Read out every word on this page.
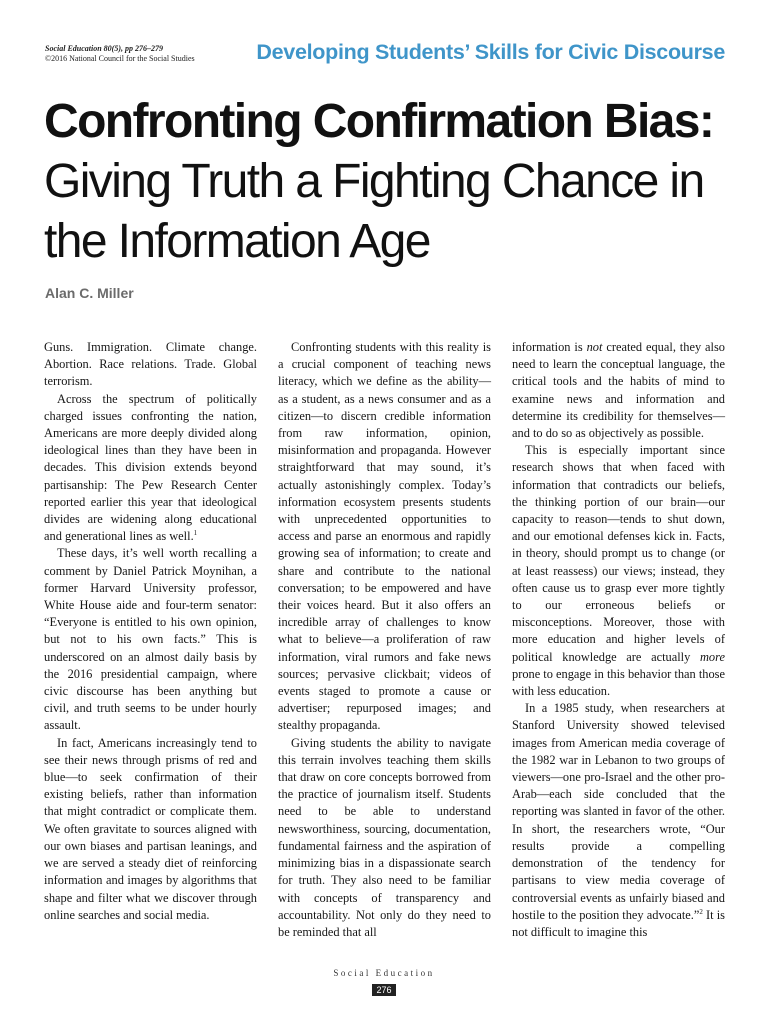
Social Education 80(5), pp 276–279
©2016 National Council for the Social Studies	Developing Students’ Skills for Civic Discourse
Confronting Confirmation Bias: Giving Truth a Fighting Chance in the Information Age
Alan C. Miller

Guns. Immigration. Climate change. Abortion. Race relations. Trade. Global terrorism.

Across the spectrum of politically charged issues confronting the nation, Americans are more deeply divided along ideological lines than they have been in decades. This division extends beyond partisanship: The Pew Research Center reported earlier this year that ideological divides are widening along educational and generational lines as well.$^1$

These days, it’s well worth recalling a comment by Daniel Patrick Moynihan, a former Harvard University professor, White House aide and four-term senator: “Everyone is entitled to his own opinion, but not to his own facts.” This is underscored on an almost daily basis by the 2016 presidential campaign, where civic discourse has been anything but civil, and truth seems to be under hourly assault.

In fact, Americans increasingly tend to see their news through prisms of red and blue—to seek confirmation of their existing beliefs, rather than information that might contradict or complicate them. We often gravitate to sources aligned with our own biases and partisan leanings, and we are served a steady diet of reinforcing information and images by algorithms that shape and filter what we discover through online searches and social media.

Confronting students with this reality is a crucial component of teaching news literacy, which we define as the ability—as a student, as a news consumer and as a citizen—to discern credible information from raw information, opinion, misinformation and propaganda. However straightforward that may sound, it’s actually astonishingly complex. Today’s information ecosystem presents students with unprecedented opportunities to access and parse an enormous and rapidly growing sea of information; to create and share and contribute to the national conversation; to be empowered and have their voices heard. But it also offers an incredible array of challenges to know what to believe—a proliferation of raw information, viral rumors and fake news sources; pervasive clickbait; videos of events staged to promote a cause or advertiser; repurposed images; and stealthy propaganda.

Giving students the ability to navigate this terrain involves teaching them skills that draw on core concepts borrowed from the practice of journalism itself. Students need to be able to understand newsworthiness, sourcing, documentation, fundamental fairness and the aspiration of minimizing bias in a dispassionate search for truth. They also need to be familiar with concepts of transparency and accountability. Not only do they need to be reminded that all

information is not created equal, they also need to learn the conceptual language, the critical tools and the habits of mind to examine news and information and determine its credibility for themselves—and to do so as objectively as possible.

This is especially important since research shows that when faced with information that contradicts our beliefs, the thinking portion of our brain—our capacity to reason—tends to shut down, and our emotional defenses kick in. Facts, in theory, should prompt us to change (or at least reassess) our views; instead, they often cause us to grasp ever more tightly to our erroneous beliefs or misconceptions. Moreover, those with more education and higher levels of political knowledge are actually more prone to engage in this behavior than those with less education.

In a 1985 study, when researchers at Stanford University showed televised images from American media coverage of the 1982 war in Lebanon to two groups of viewers—one pro-Israel and the other pro-Arab—each side concluded that the reporting was slanted in favor of the other. In short, the researchers wrote, “Our results provide a compelling demonstration of the tendency for partisans to view media coverage of controversial events as unfairly biased and hostile to the position they advocate.”$^2$ It is not difficult to imagine this

Social Education
276
